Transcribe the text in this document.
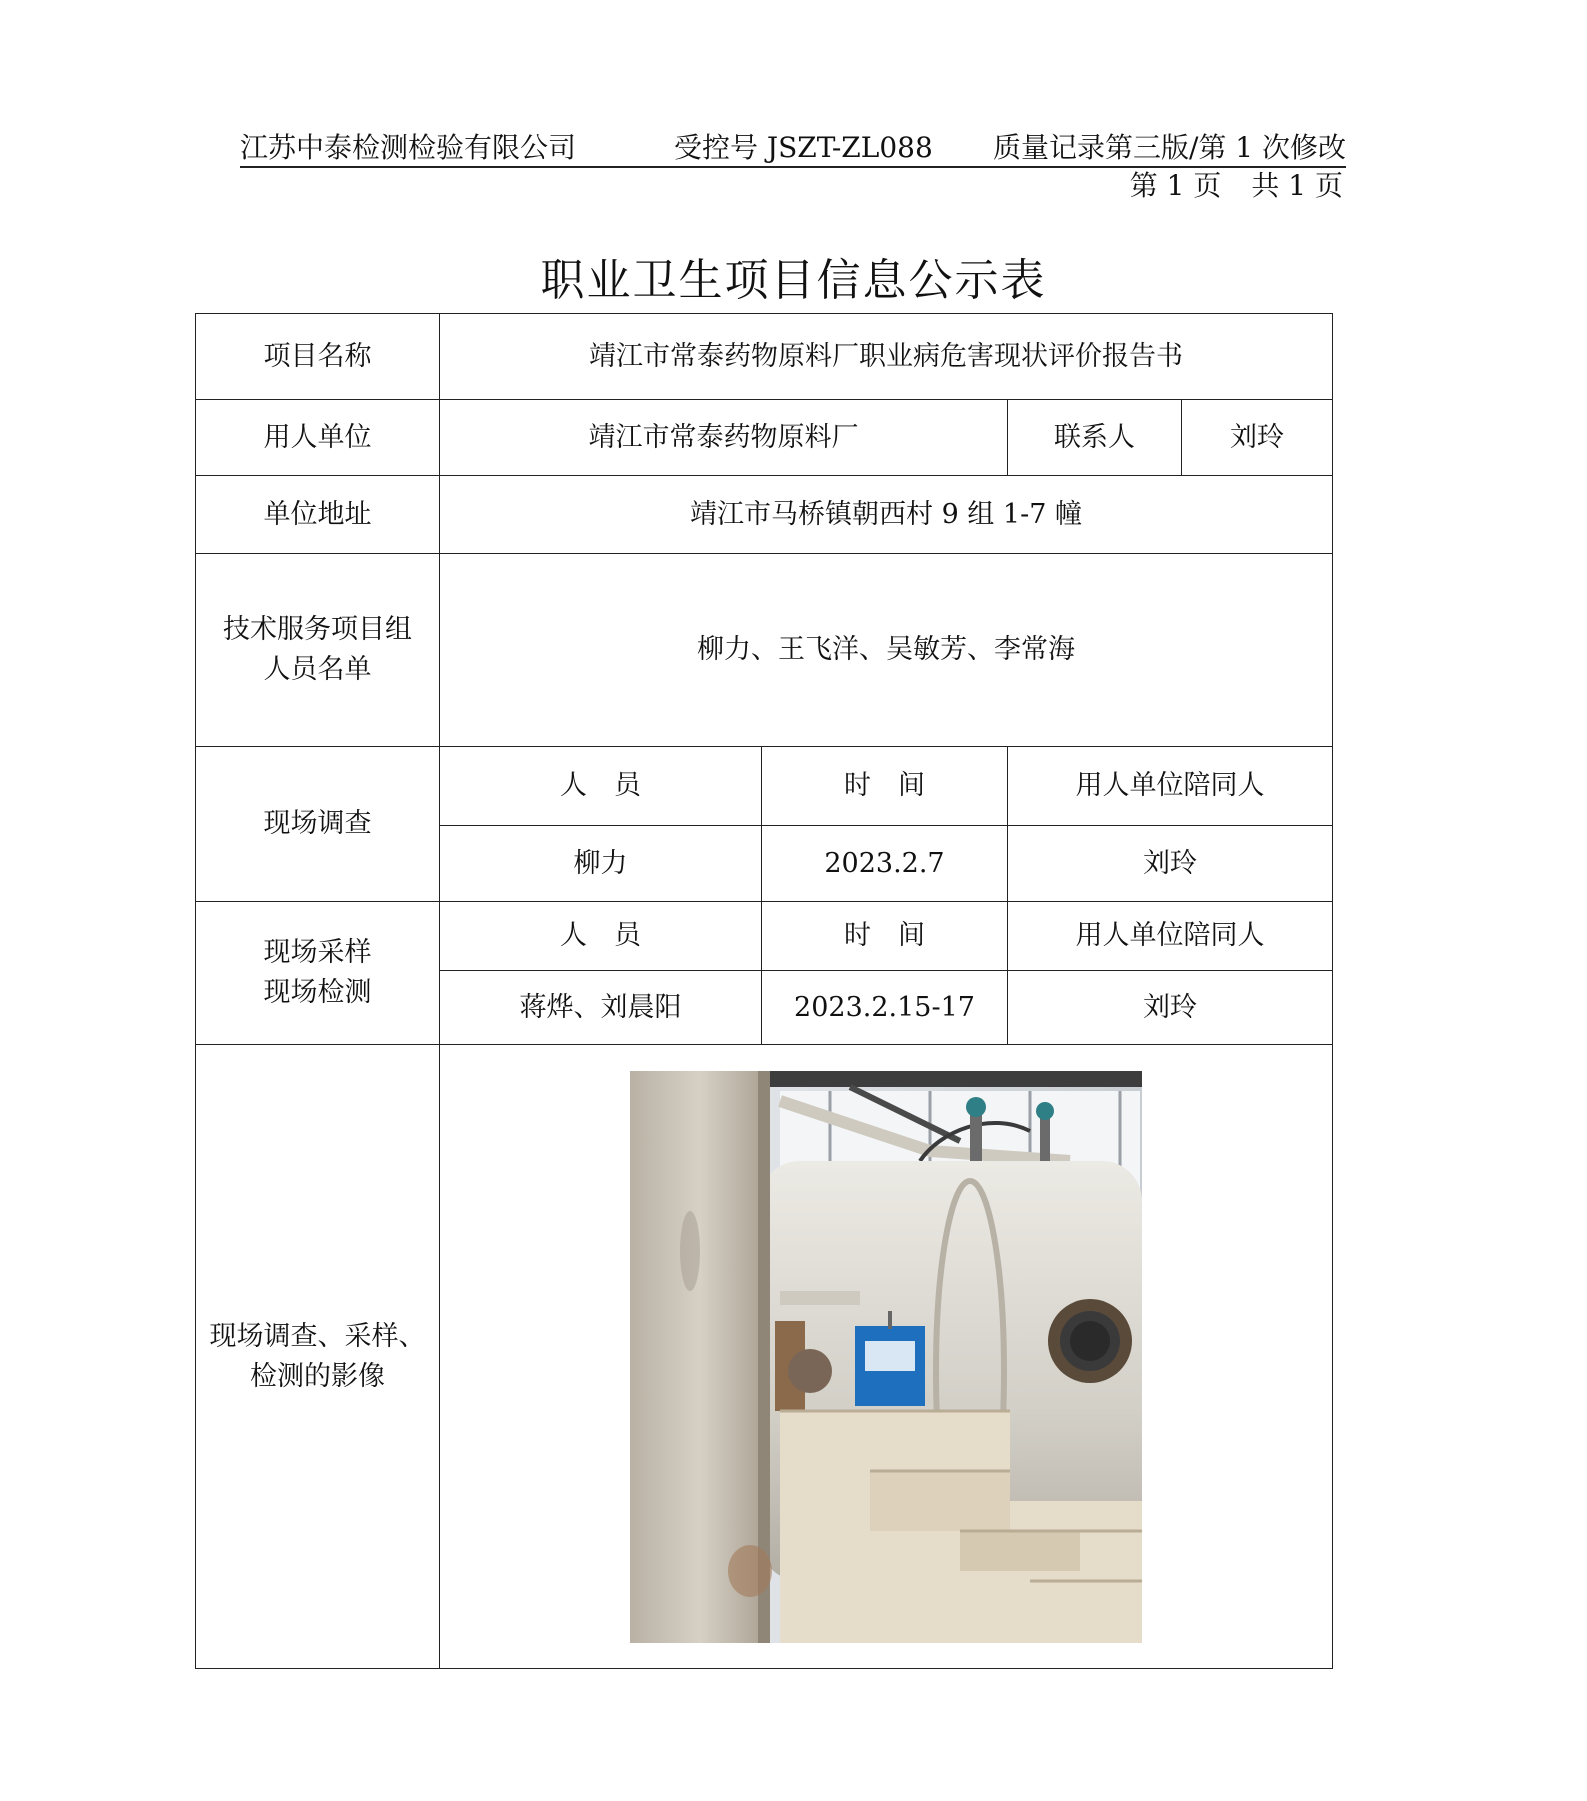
江苏中泰检测检验有限公司	受控号 JSZT-ZL088 质量记录第三版/第 1 次修改
第 1 页 共 1 页
职业卫生项目信息公示表
项目名称	靖江市常泰药物原料厂职业病危害现状评价报告书			
用人单位	靖江市常泰药物原料厂		联系人	刘玲
单位地址	靖江市马桥镇朝西村 9 组 1-7 幢			

技术服务项目组
人员名单	柳力、王飞洋、吴敏芳、李常海			
现场调查	人　员	时　间	用人单位陪同人	
	柳力	2023.2.7	刘玲	

现场采样
现场检测	人　员	时　间	用人单位陪同人	
	蒋烨、刘晨阳	2023.2.15-17	刘玲	

现场调查、采样、
检测的影像
